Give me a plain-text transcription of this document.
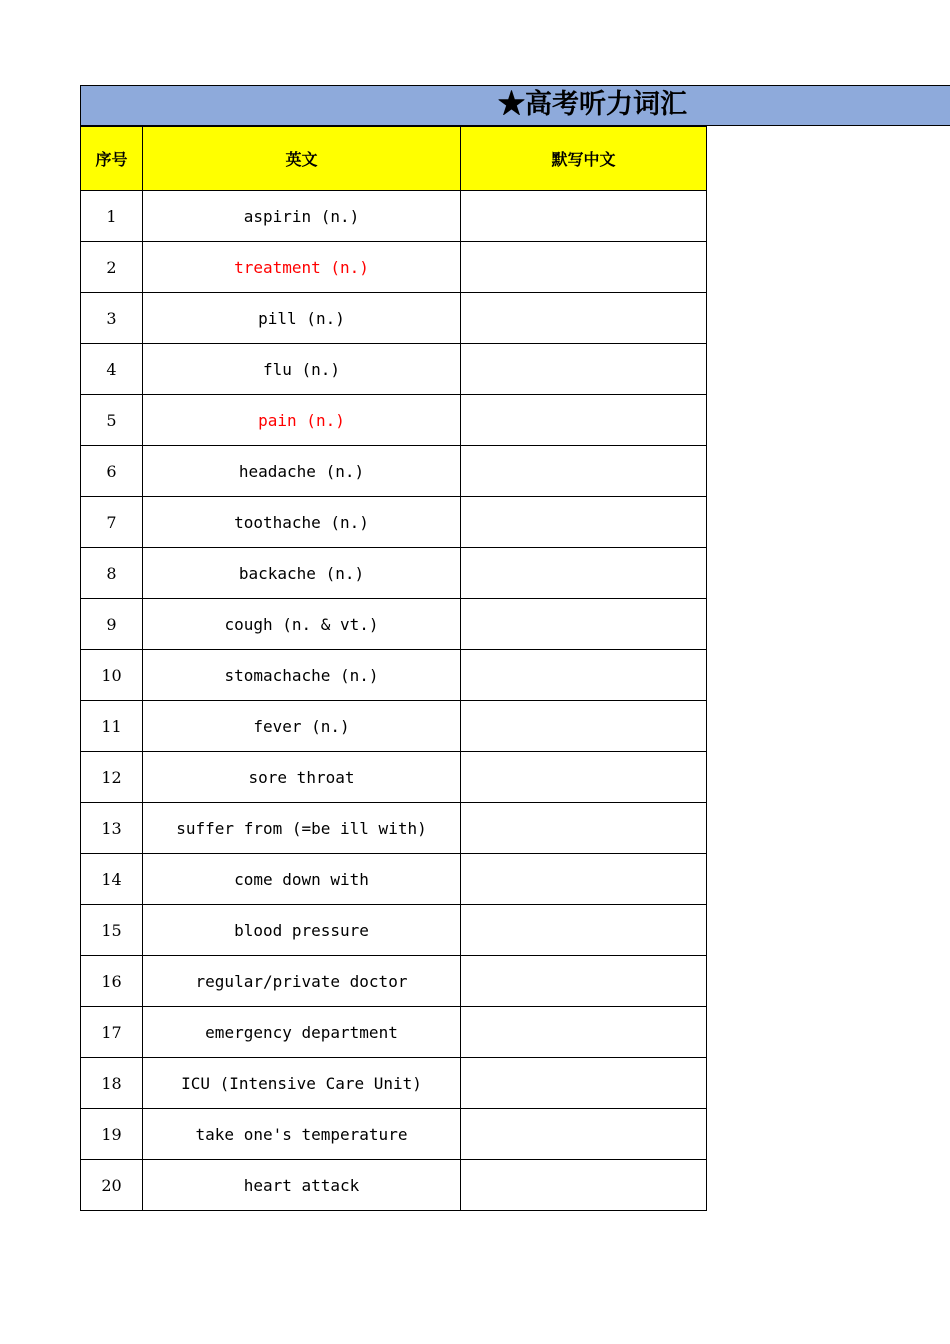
★高考听力词汇
序号	英文	默写中文
1	aspirin (n.)	
2	treatment (n.)	
3	pill (n.)	
4	flu (n.)	
5	pain (n.)	
6	headache (n.)	
7	toothache (n.)	
8	backache (n.)	
9	cough (n. & vt.)	
10	stomachache (n.)	
11	fever (n.)	
12	sore throat	
13	suffer from (=be ill with)	
14	come down with	
15	blood pressure	
16	regular/private doctor	
17	emergency department	
18	ICU (Intensive Care Unit)	
19	take one's temperature	
20	heart attack	
